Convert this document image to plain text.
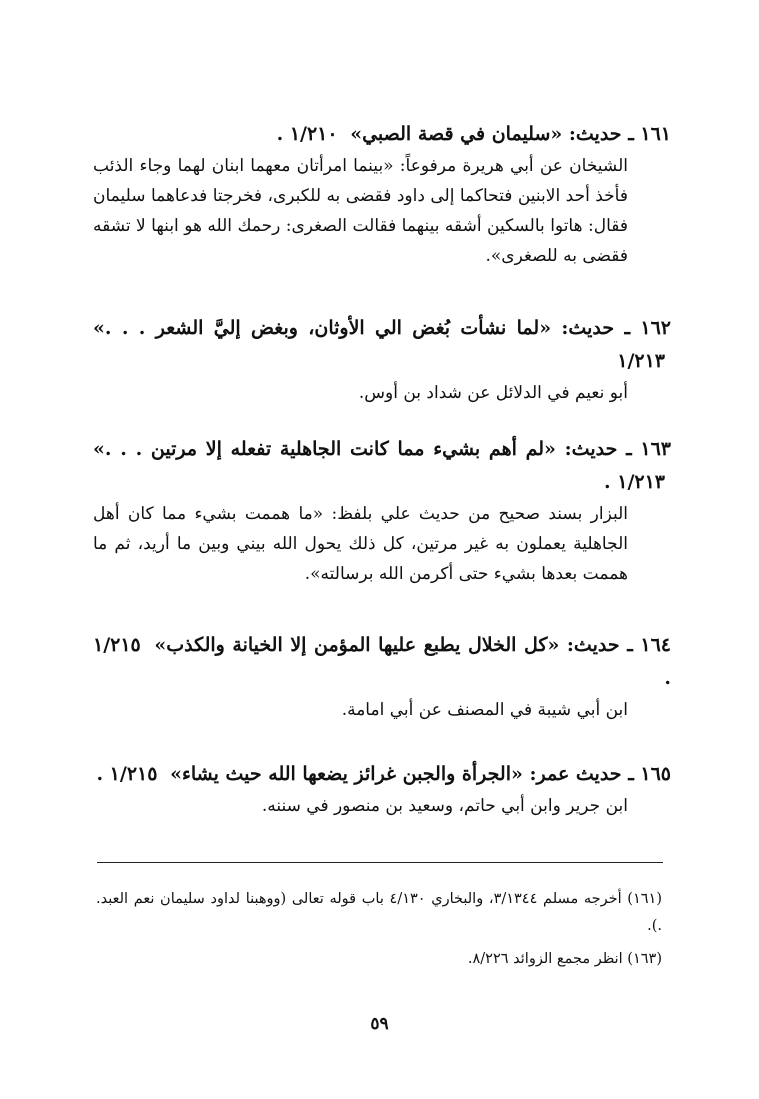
١٦١ ـ حديث: «سليمان في قصة الصبي» ١/٢١٠ .

الشيخان عن أبي هريرة مرفوعاً: «بينما امرأتان معهما ابنان لهما وجاء الذئب فأخذ أحد الابنين فتحاكما إلى داود فقضى به للكبرى، فخرجتا فدعاهما سليمان فقال: هاتوا بالسكين أشقه بينهما فقالت الصغرى: رحمك الله هو ابنها لا تشقه فقضى به للصغرى».

١٦٢ ـ حديث: «لما نشأت بُغض الي الأوثان، وبغض إليَّ الشعر . . .» ١/٢١٣

أبو نعيم في الدلائل عن شداد بن أوس.

١٦٣ ـ حديث: «لم أهم بشيء مما كانت الجاهلية تفعله إلا مرتين . . .» ١/٢١٣ .

البزار بسند صحيح من حديث علي بلفظ: «ما هممت بشيء مما كان أهل الجاهلية يعملون به غير مرتين، كل ذلك يحول الله بيني وبين ما أريد، ثم ما هممت بعدها بشيء حتى أكرمن الله برسالته».

١٦٤ ـ حديث: «كل الخلال يطبع عليها المؤمن إلا الخيانة والكذب» ١/٢١٥ .

ابن أبي شيبة في المصنف عن أبي امامة.

١٦٥ ـ حديث عمر: «الجرأة والجبن غرائز يضعها الله حيث يشاء» ١/٢١٥ .

ابن جرير وابن أبي حاتم، وسعيد بن منصور في سننه.

(١٦١) أخرجه مسلم ٣/١٣٤٤، والبخاري ٤/١٣٠ باب قوله تعالى (ووهبنا لداود سليمان نعم العبد. .).

(١٦٣) انظر مجمع الزوائد ٨/٢٢٦.

٥٩
